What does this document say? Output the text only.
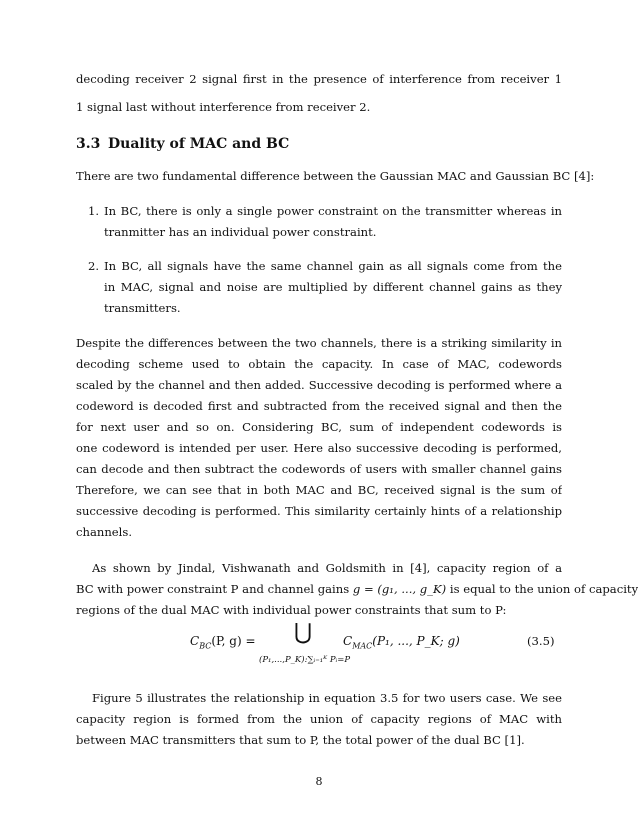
decoding receiver 2 signal first in the presence of interference from receiver 1
1 signal last without interference from receiver 2.
3.3 Duality of MAC and BC
There are two fundamental difference between the Gaussian MAC and Gaussian BC [4]:
1. In BC, there is only a single power constraint on the transmitter whereas in
tranmitter has an individual power constraint.
2. In BC, all signals have the same channel gain as all signals come from the
in MAC, signal and noise are multiplied by different channel gains as they
transmitters.
Despite the differences between the two channels, there is a striking similarity in
decoding scheme used to obtain the capacity. In case of MAC, codewords
scaled by the channel and then added. Successive decoding is performed where a
codeword is decoded first and subtracted from the received signal and then the
for next user and so on. Considering BC, sum of independent codewords is
one codeword is intended per user. Here also successive decoding is performed,
can decode and then subtract the codewords of users with smaller channel gains
Therefore, we can see that in both MAC and BC, received signal is the sum of
successive decoding is performed. This similarity certainly hints of a relationship
channels.
As shown by Jindal, Vishwanath and Goldsmith in [4], capacity region of a
BC with power constraint P and channel gains g = (g₁, ..., g_K) is equal to the union of capacity
regions of the dual MAC with individual power constraints that sum to P:
$C_{BC}(P$, g) = ⋃
(P₁,...,P_K):∑ᵢ₌₁ᴷ Pᵢ=P
$C_{MAC}(P_1$, ..., P_K; g)	(3.5)
Figure 5 illustrates the relationship in equation 3.5 for two users case. We see
capacity region is formed from the union of capacity regions of MAC with
between MAC transmitters that sum to P, the total power of the dual BC [1].
8
